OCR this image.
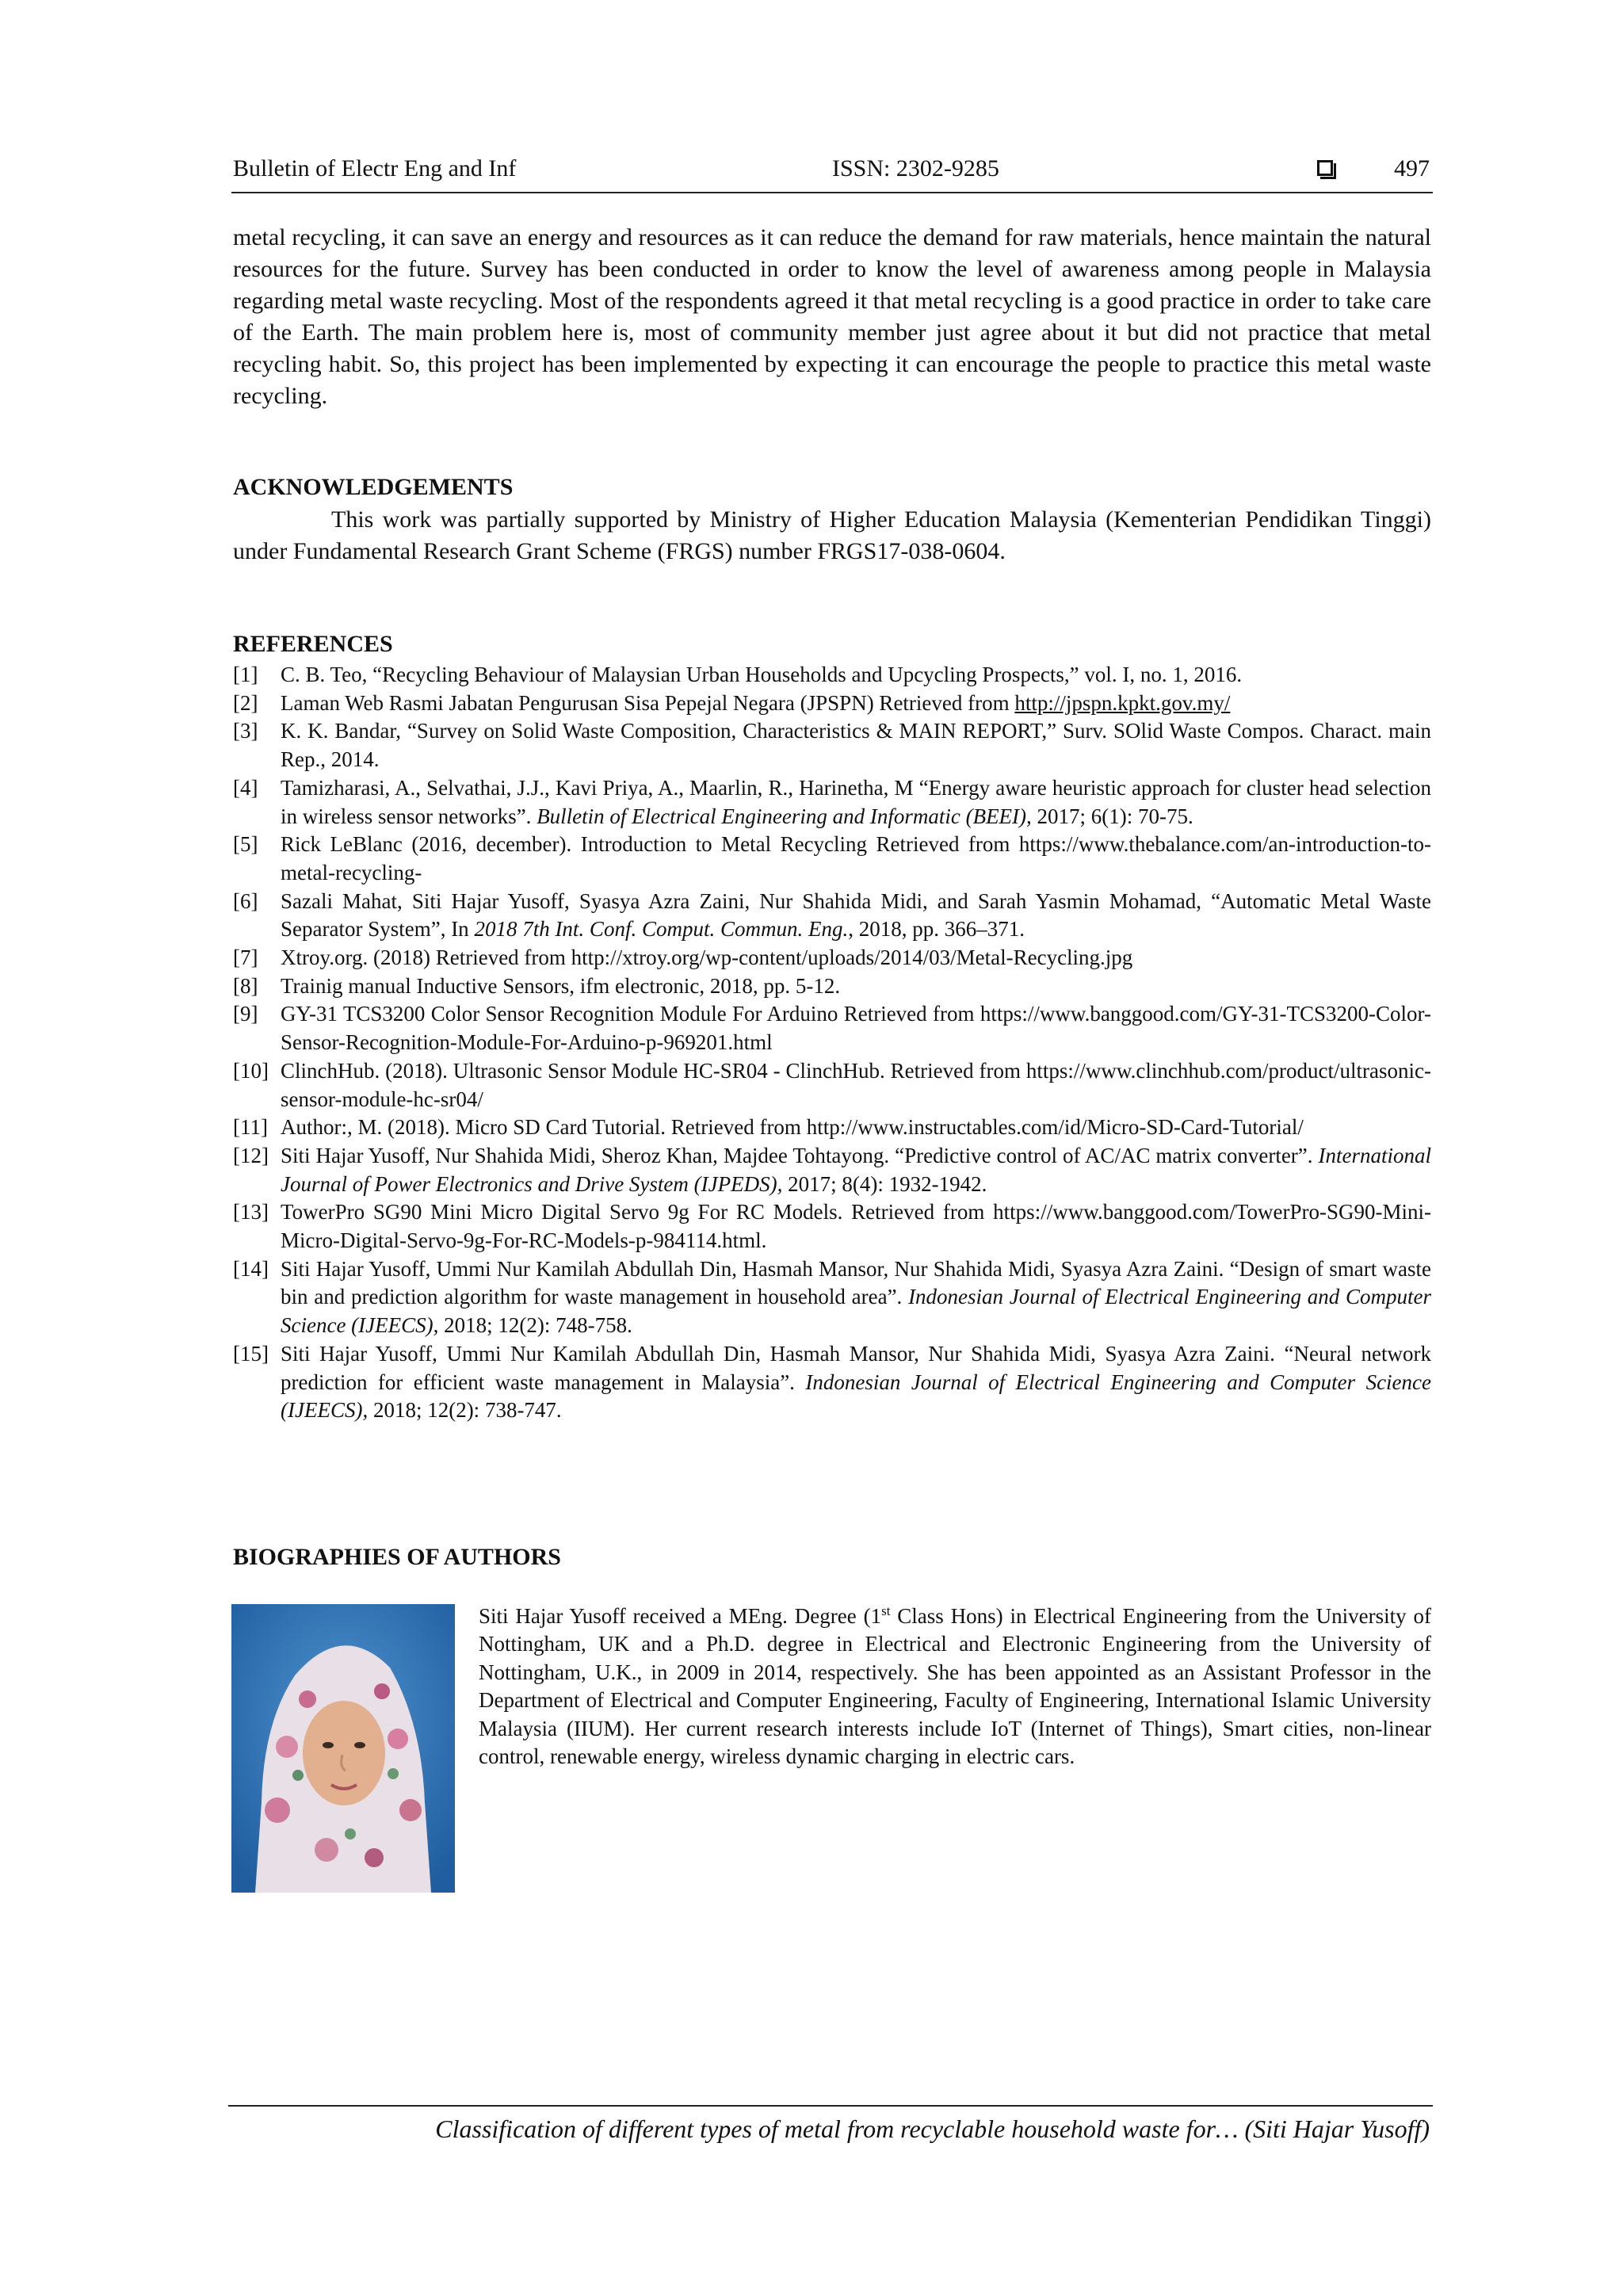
Bulletin of Electr Eng and Inf	ISSN: 2302-9285	497
metal recycling, it can save an energy and resources as it can reduce the demand for raw materials, hence maintain the natural resources for the future. Survey has been conducted in order to know the level of awareness among people in Malaysia regarding metal waste recycling. Most of the respondents agreed it that metal recycling is a good practice in order to take care of the Earth. The main problem here is, most of community member just agree about it but did not practice that metal recycling habit. So, this project has been implemented by expecting it can encourage the people to practice this metal waste recycling.
ACKNOWLEDGEMENTS
This work was partially supported by Ministry of Higher Education Malaysia (Kementerian Pendidikan Tinggi) under Fundamental Research Grant Scheme (FRGS) number FRGS17-038-0604.
REFERENCES
[1]	C. B. Teo, “Recycling Behaviour of Malaysian Urban Households and Upcycling Prospects,” vol. I, no. 1, 2016.
[2]	Laman Web Rasmi Jabatan Pengurusan Sisa Pepejal Negara (JPSPN) Retrieved from http://jpspn.kpkt.gov.my/
[3]	K. K. Bandar, “Survey on Solid Waste Composition, Characteristics & MAIN REPORT,” Surv. SOlid Waste Compos. Charact. main Rep., 2014.
[4]	Tamizharasi, A., Selvathai, J.J., Kavi Priya, A., Maarlin, R., Harinetha, M “Energy aware heuristic approach for cluster head selection in wireless sensor networks”. Bulletin of Electrical Engineering and Informatic (BEEI), 2017; 6(1): 70-75.
[5]	Rick LeBlanc (2016, december). Introduction to Metal Recycling Retrieved from https://www.thebalance.com/an-introduction-to-metal-recycling-
[6]	Sazali Mahat, Siti Hajar Yusoff, Syasya Azra Zaini, Nur Shahida Midi, and Sarah Yasmin Mohamad, “Automatic Metal Waste Separator System”, In 2018 7th Int. Conf. Comput. Commun. Eng., 2018, pp. 366–371.
[7]	Xtroy.org. (2018) Retrieved from http://xtroy.org/wp-content/uploads/2014/03/Metal-Recycling.jpg
[8]	Trainig manual Inductive Sensors, ifm electronic, 2018, pp. 5-12.
[9]	GY-31 TCS3200 Color Sensor Recognition Module For Arduino Retrieved from https://www.banggood.com/GY-31-TCS3200-Color-Sensor-Recognition-Module-For-Arduino-p-969201.html
[10] ClinchHub. (2018). Ultrasonic Sensor Module HC-SR04 - ClinchHub. Retrieved from https://www.clinchhub.com/product/ultrasonic-sensor-module-hc-sr04/
[11] Author:, M. (2018). Micro SD Card Tutorial. Retrieved from http://www.instructables.com/id/Micro-SD-Card-Tutorial/
[12] Siti Hajar Yusoff, Nur Shahida Midi, Sheroz Khan, Majdee Tohtayong. “Predictive control of AC/AC matrix converter”. International Journal of Power Electronics and Drive System (IJPEDS), 2017; 8(4): 1932-1942.
[13] TowerPro SG90 Mini Micro Digital Servo 9g For RC Models. Retrieved from https://www.banggood.com/TowerPro-SG90-Mini-Micro-Digital-Servo-9g-For-RC-Models-p-984114.html.
[14] Siti Hajar Yusoff, Ummi Nur Kamilah Abdullah Din, Hasmah Mansor, Nur Shahida Midi, Syasya Azra Zaini. “Design of smart waste bin and prediction algorithm for waste management in household area”. Indonesian Journal of Electrical Engineering and Computer Science (IJEECS), 2018; 12(2): 748-758.
[15] Siti Hajar Yusoff, Ummi Nur Kamilah Abdullah Din, Hasmah Mansor, Nur Shahida Midi, Syasya Azra Zaini. “Neural network prediction for efficient waste management in Malaysia”. Indonesian Journal of Electrical Engineering and Computer Science (IJEECS), 2018; 12(2): 738-747.
BIOGRAPHIES OF AUTHORS
Siti Hajar Yusoff received a MEng. Degree (1st Class Hons) in Electrical Engineering from the University of Nottingham, UK and a Ph.D. degree in Electrical and Electronic Engineering from the University of Nottingham, U.K., in 2009 in 2014, respectively. She has been appointed as an Assistant Professor in the Department of Electrical and Computer Engineering, Faculty of Engineering, International Islamic University Malaysia (IIUM). Her current research interests include IoT (Internet of Things), Smart cities, non-linear control, renewable energy, wireless dynamic charging in electric cars.
Classification of different types of metal from recyclable household waste for… (Siti Hajar Yusoff)
